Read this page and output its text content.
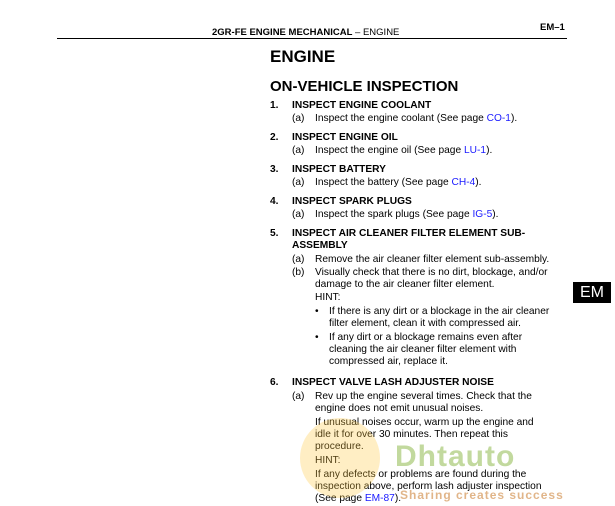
2GR-FE ENGINE MECHANICAL – ENGINE	EM–1
ENGINE
ON-VEHICLE INSPECTION
1. INSPECT ENGINE COOLANT
(a) Inspect the engine coolant (See page CO-1).
2. INSPECT ENGINE OIL
(a) Inspect the engine oil (See page LU-1).
3. INSPECT BATTERY
(a) Inspect the battery (See page CH-4).
4. INSPECT SPARK PLUGS
(a) Inspect the spark plugs (See page IG-5).
5. INSPECT AIR CLEANER FILTER ELEMENT SUB-
ASSEMBLY
(a) Remove the air cleaner filter element sub-assembly.
(b) Visually check that there is no dirt, blockage, and/or
damage to the air cleaner filter element.
HINT:
• If there is any dirt or a blockage in the air cleaner
filter element, clean it with compressed air.
• If any dirt or a blockage remains even after
cleaning the air cleaner filter element with
compressed air, replace it.
6. INSPECT VALVE LASH ADJUSTER NOISE
(a) Rev up the engine several times. Check that the
engine does not emit unusual noises.
If unusual noises occur, warm up the engine and
idle it for over 30 minutes. Then repeat this
procedure.
HINT:
If any defects or problems are found during the
inspection above, perform lash adjuster inspection
(See page EM-87).
EM
Dhtauto
Sharing creates success
